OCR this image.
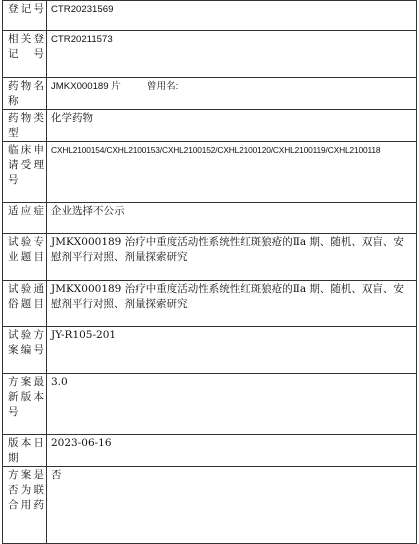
登记号	CTR20231569
相关登记号	CTR20211573
药物名称	JMKX000189 片 曾用名:
药物类型	化学药物
临床申请受理号	CXHL2100154/CXHL2100153/CXHL2100152/CXHL2100120/CXHL2100119/CXHL2100118
适应症	企业选择不公示
试验专业题目	JMKX000189 治疗中重度活动性系统性红斑狼疮的Ⅱa 期、随机、双盲、安慰剂平行对照、剂量探索研究
试验通俗题目	JMKX000189 治疗中重度活动性系统性红斑狼疮的Ⅱa 期、随机、双盲、安慰剂平行对照、剂量探索研究
试验方案编号	JY-R105-201
方案最新版本号	3.0
版本日期	2023-06-16
方案是否为联合用药	否
